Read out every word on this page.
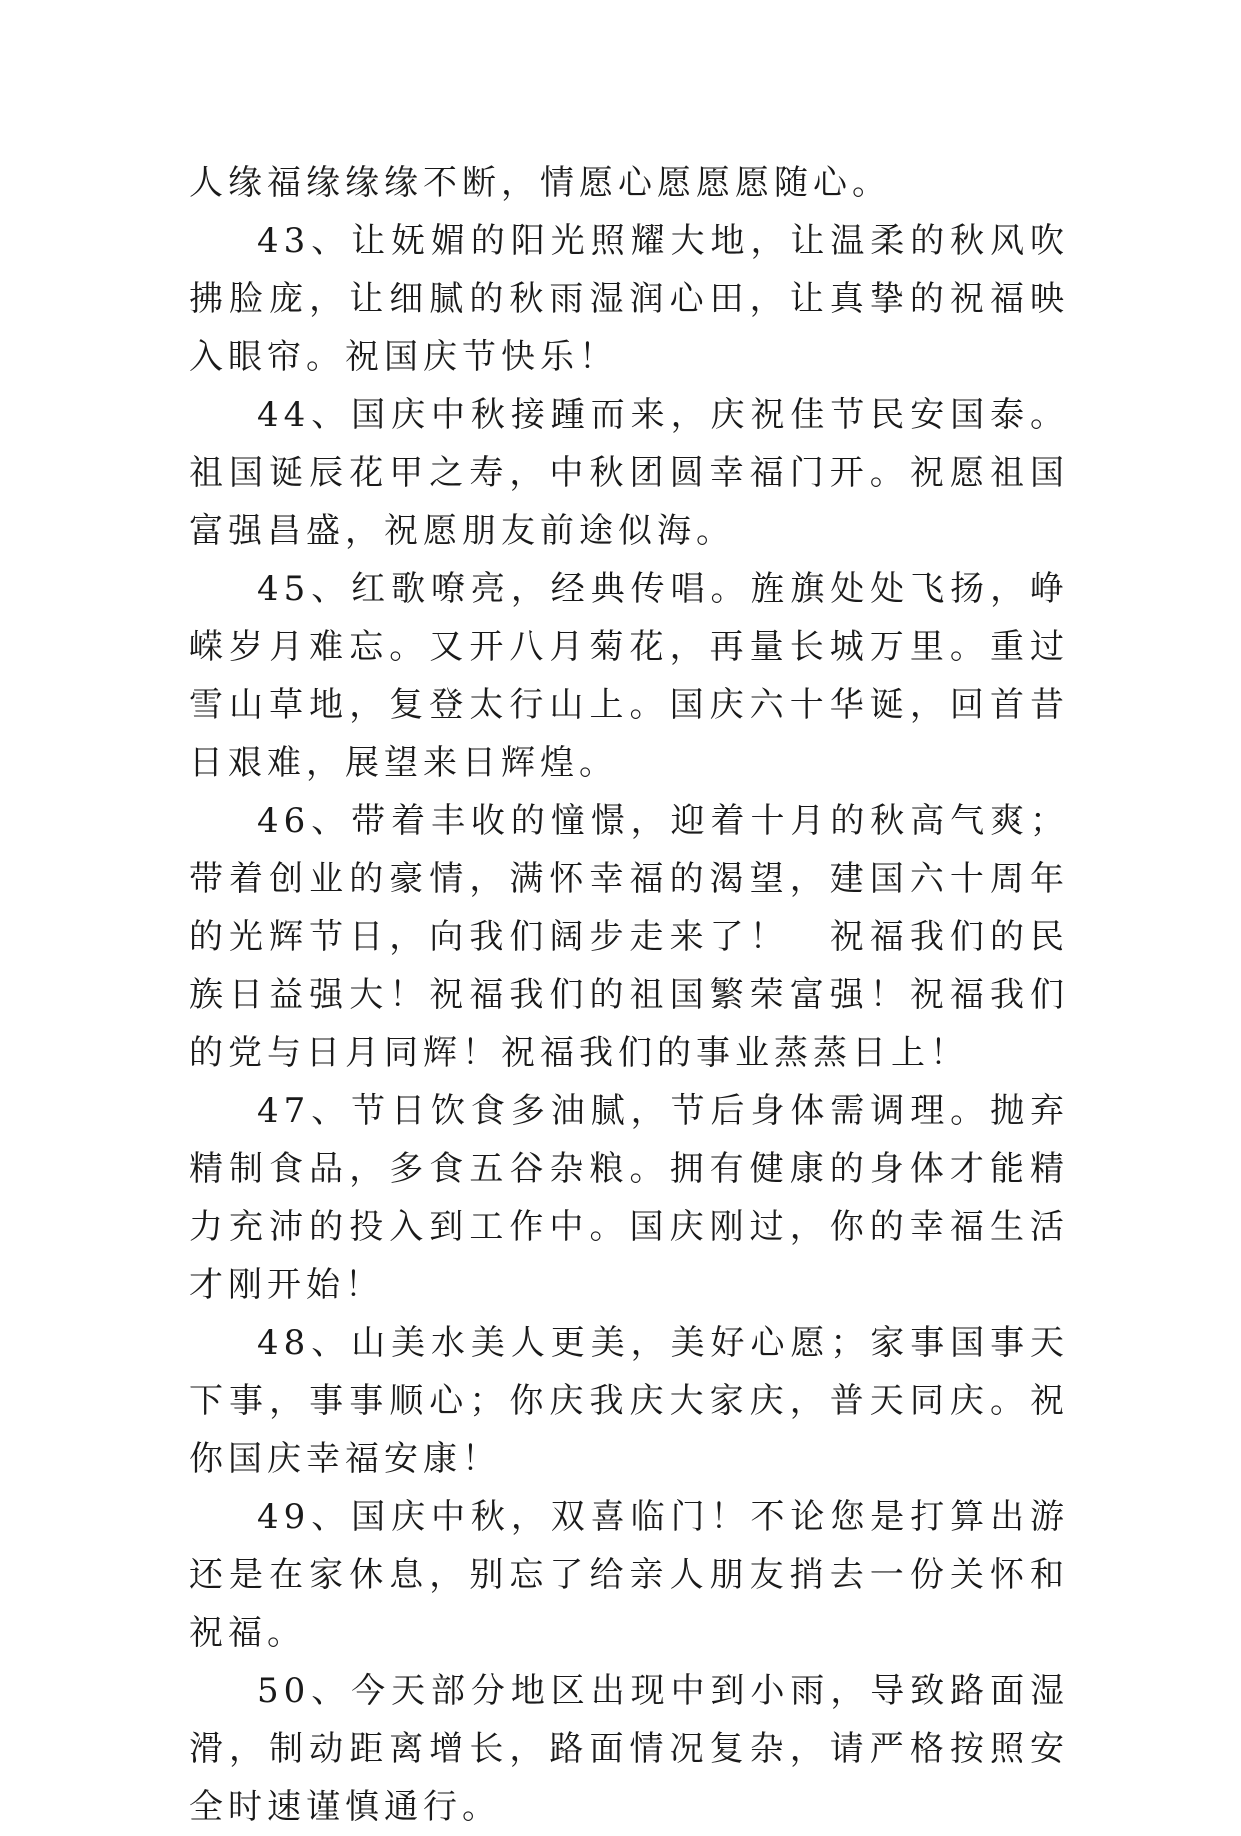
人缘福缘缘缘不断，情愿心愿愿愿随心。

43、让妩媚的阳光照耀大地，让温柔的秋风吹拂脸庞，让细腻的秋雨湿润心田，让真挚的祝福映入眼帘。祝国庆节快乐！

44、国庆中秋接踵而来，庆祝佳节民安国泰。祖国诞辰花甲之寿，中秋团圆幸福门开。祝愿祖国富强昌盛，祝愿朋友前途似海。

45、红歌嘹亮，经典传唱。旌旗处处飞扬，峥嵘岁月难忘。又开八月菊花，再量长城万里。重过雪山草地，复登太行山上。国庆六十华诞，回首昔日艰难，展望来日辉煌。

46、带着丰收的憧憬，迎着十月的秋高气爽；带着创业的豪情，满怀幸福的渴望，建国六十周年的光辉节日，向我们阔步走来了！　祝福我们的民族日益强大！祝福我们的祖国繁荣富强！祝福我们的党与日月同辉！祝福我们的事业蒸蒸日上！

47、节日饮食多油腻，节后身体需调理。抛弃精制食品，多食五谷杂粮。拥有健康的身体才能精力充沛的投入到工作中。国庆刚过，你的幸福生活才刚开始！

48、山美水美人更美，美好心愿；家事国事天下事，事事顺心；你庆我庆大家庆，普天同庆。祝你国庆幸福安康！

49、国庆中秋，双喜临门！不论您是打算出游还是在家休息，别忘了给亲人朋友捎去一份关怀和祝福。

50、今天部分地区出现中到小雨，导致路面湿滑，制动距离增长，路面情况复杂，请严格按照安全时速谨慎通行。
